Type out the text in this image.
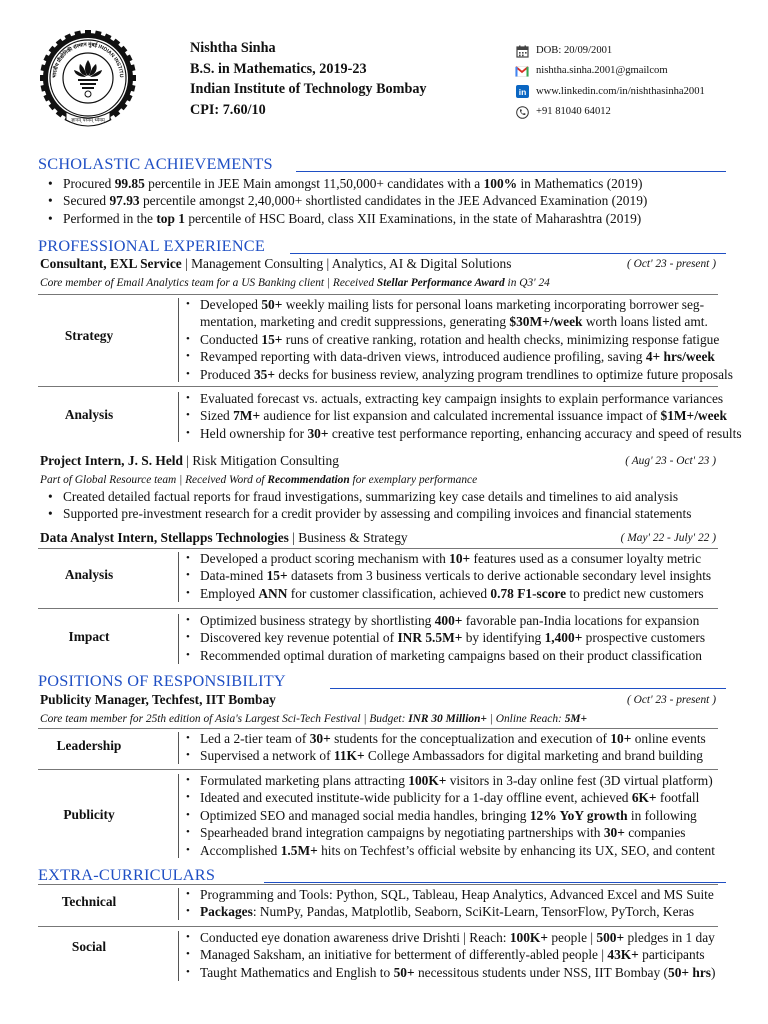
भारतीय प्रौद्योगिकी संस्थान मुंबई INDIAN INSTITU
ज्ञानम् परमम् ध्येयम्
Nishtha Sinha
B.S. in Mathematics, 2019-23
Indian Institute of Technology Bombay
CPI: 7.60/10
DOB: 20/09/2001
nishtha.sinha.2001@gmailcom
in www.linkedin.com/in/nishthasinha2001
+91 81040 64012
SCHOLASTIC ACHIEVEMENTS
• Procured 99.85 percentile in JEE Main amongst 11,50,000+ candidates with a 100% in Mathematics (2019)
• Secured 97.93 percentile amongst 2,40,000+ shortlisted candidates in the JEE Advanced Examination (2019)
• Performed in the top 1 percentile of HSC Board, class XII Examinations, in the state of Maharashtra (2019)
PROFESSIONAL EXPERIENCE
Consultant, EXL Service | Management Consulting | Analytics, AI & Digital Solutions	( Oct' 23 - present )
Core member of Email Analytics team for a US Banking client | Received Stellar Performance Award in Q3' 24
Strategy
• Developed 50+ weekly mailing lists for personal loans marketing incorporating borrower seg-
mentation, marketing and credit suppressions, generating $30M+/week worth loans listed amt.
• Conducted 15+ runs of creative ranking, rotation and health checks, minimizing response fatigue
• Revamped reporting with data-driven views, introduced audience profiling, saving 4+ hrs/week
• Produced 35+ decks for business review, analyzing program trendlines to optimize future proposals
Analysis
• Evaluated forecast vs. actuals, extracting key campaign insights to explain performance variances
• Sized 7M+ audience for list expansion and calculated incremental issuance impact of $1M+/week
• Held ownership for 30+ creative test performance reporting, enhancing accuracy and speed of results
Project Intern, J. S. Held | Risk Mitigation Consulting	( Aug' 23 - Oct' 23 )
Part of Global Resource team | Received Word of Recommendation for exemplary performance
• Created detailed factual reports for fraud investigations, summarizing key case details and timelines to aid analysis
• Supported pre-investment research for a credit provider by assessing and compiling invoices and financial statements
Data Analyst Intern, Stellapps Technologies | Business & Strategy	( May' 22 - July' 22 )
Analysis
• Developed a product scoring mechanism with 10+ features used as a consumer loyalty metric
• Data-mined 15+ datasets from 3 business verticals to derive actionable secondary level insights
• Employed ANN for customer classification, achieved 0.78 F1-score to predict new customers
Impact
• Optimized business strategy by shortlisting 400+ favorable pan-India locations for expansion
• Discovered key revenue potential of INR 5.5M+ by identifying 1,400+ prospective customers
• Recommended optimal duration of marketing campaigns based on their product classification
POSITIONS OF RESPONSIBILITY
Publicity Manager, Techfest, IIT Bombay	( Oct' 23 - present )
Core team member for 25th edition of Asia's Largest Sci-Tech Festival | Budget: INR 30 Million+ | Online Reach: 5M+
Leadership	• Led a 2-tier team of 30+ students for the conceptualization and execution of 10+ online events
• Supervised a network of 11K+ College Ambassadors for digital marketing and brand building
Publicity
• Formulated marketing plans attracting 100K+ visitors in 3-day online fest (3D virtual platform)
• Ideated and executed institute-wide publicity for a 1-day offline event, achieved 6K+ footfall
• Optimized SEO and managed social media handles, bringing 12% YoY growth in following
• Spearheaded brand integration campaigns by negotiating partnerships with 30+ companies
• Accomplished 1.5M+ hits on Techfest’s official website by enhancing its UX, SEO, and content
EXTRA-CURRICULARS
Technical	• Programming and Tools: Python, SQL, Tableau, Heap Analytics, Advanced Excel and MS Suite
• Packages: NumPy, Pandas, Matplotlib, Seaborn, SciKit-Learn, TensorFlow, PyTorch, Keras
Social
• Conducted eye donation awareness drive Drishti | Reach: 100K+ people | 500+ pledges in 1 day
• Managed Saksham, an initiative for betterment of differently-abled people | 43K+ participants
• Taught Mathematics and English to 50+ necessitous students under NSS, IIT Bombay (50+ hrs)
